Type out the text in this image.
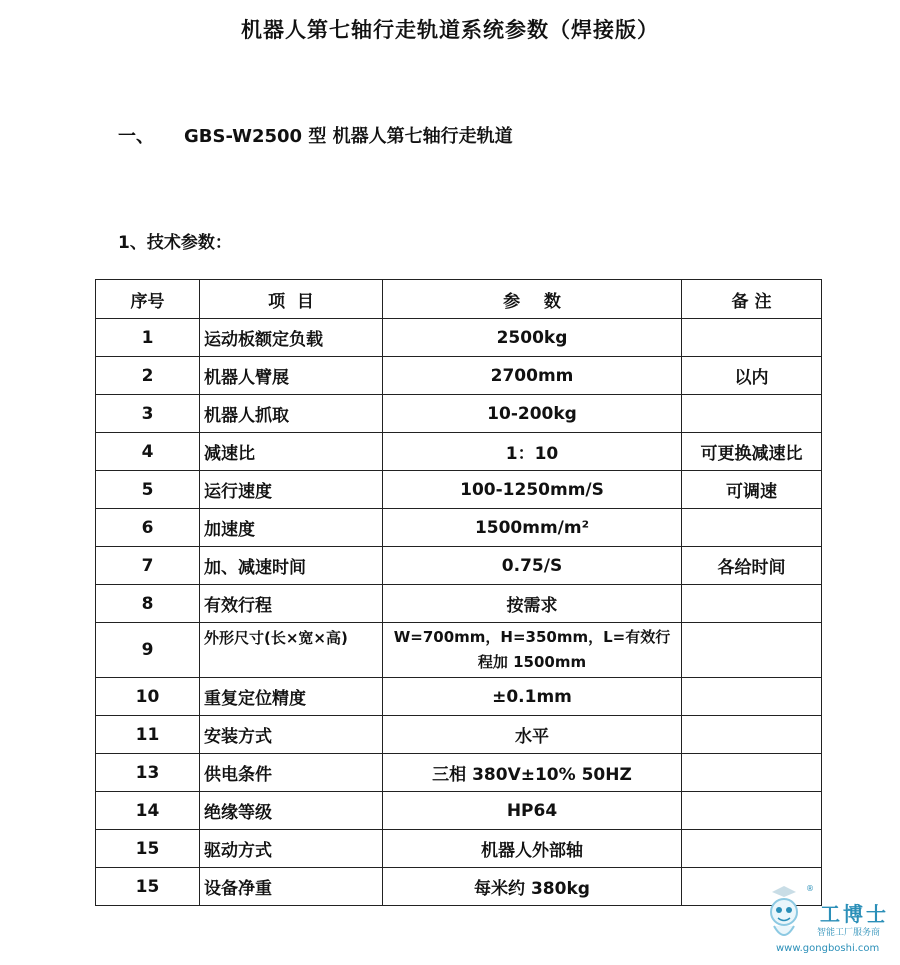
机器人第七轴行走轨道系统参数（焊接版）
一、 GBS-W2500 型 机器人第七轴行走轨道
1、技术参数：
序号	项  目	参    数	备 注
1	运动板额定负载	2500kg	
2	机器人臂展	2700mm	以内
3	机器人抓取	10-200kg	
4	减速比	1：10	可更换减速比
5	运行速度	100-1250mm/S	可调速
6	加速度	1500mm/m²	
7	加、减速时间	0.75/S	各给时间
8	有效行程	按需求	
9	外形尺寸(长×宽×高)	W=700mm，H=350mm，L=有效行程加 1500mm	
10	重复定位精度	±0.1mm	
11	安装方式	水平	
13	供电条件	三相 380V±10% 50HZ	
14	绝缘等级	HP64	
15	驱动方式	机器人外部轴	
15	设备净重	每米约 380kg		®
工博士
智能工厂服务商
www.gongboshi.com
